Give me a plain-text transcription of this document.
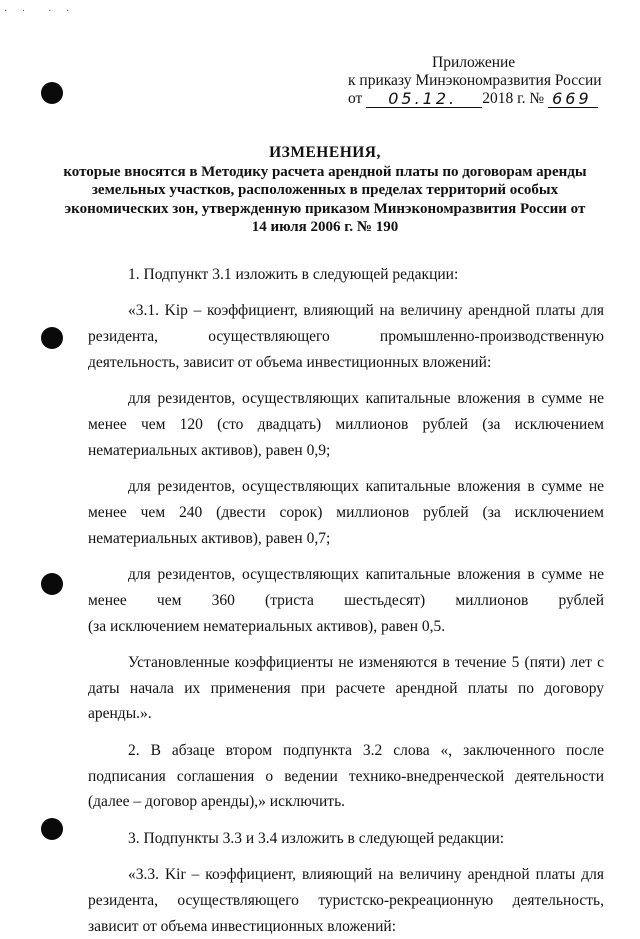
· ·  · ·
Приложение
к приказу Минэкономразвития России
от 05.12. 2018 г. № 669
ИЗМЕНЕНИЯ,
которые вносятся в Методику расчета арендной платы по договорам аренды земельных участков, расположенных в пределах территорий особых экономических зон, утвержденную приказом Минэкономразвития России от 14 июля 2006 г. № 190

1. Подпункт 3.1 изложить в следующей редакции:

«3.1. Kip – коэффициент, влияющий на величину арендной платы для резидента, осуществляющего промышленно-производственную деятельность, зависит от объема инвестиционных вложений:

для резидентов, осуществляющих капитальные вложения в сумме не менее чем 120 (сто двадцать) миллионов рублей (за исключением нематериальных активов), равен 0,9;

для резидентов, осуществляющих капитальные вложения в сумме не менее чем 240 (двести сорок) миллионов рублей (за исключением нематериальных активов), равен 0,7;

для резидентов, осуществляющих капитальные вложения в сумме не менее чем 360 (триста шестьдесят) миллионов рублей

(за исключением нематериальных активов), равен 0,5.

Установленные коэффициенты не изменяются в течение 5 (пяти) лет с даты начала их применения при расчете арендной платы по договору аренды.».

2. В абзаце втором подпункта 3.2 слова «, заключенного после подписания соглашения о ведении технико-внедренческой деятельности (далее – договор аренды),» исключить.

3. Подпункты 3.3 и 3.4 изложить в следующей редакции:

«3.3. Kir – коэффициент, влияющий на величину арендной платы для резидента, осуществляющего туристско-рекреационную деятельность, зависит от объема инвестиционных вложений:
